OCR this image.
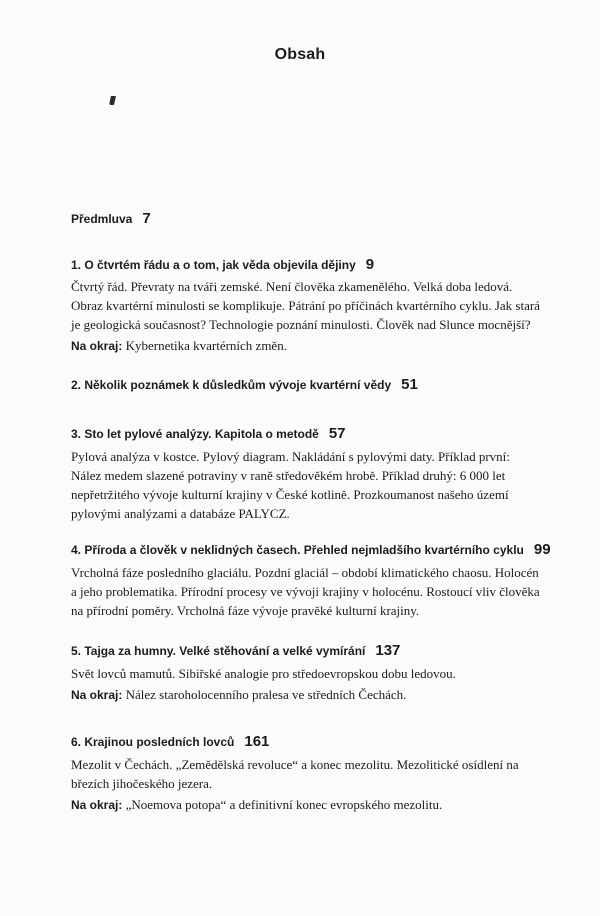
Obsah
Předmluva 7
1. O čtvrtém řádu a o tom, jak věda objevila dějiny 9

Čtvrtý řád. Převraty na tváři zemské. Není člověka zkamenělého. Velká doba ledová. Obraz kvartérní minulosti se komplikuje. Pátrání po příčinách kvartérního cyklu. Jak stará je geologická současnost? Technologie poznání minulosti. Člověk nad Slunce mocnější?

Na okraj: Kybernetika kvartérních změn.

2. Několik poznámek k důsledkům vývoje kvartérní vědy 51
3. Sto let pylové analýzy. Kapitola o metodě 57

Pylová analýza v kostce. Pylový diagram. Nakládání s pylovými daty. Příklad první: Nález medem slazené potraviny v raně středověkém hrobě. Příklad druhý: 6 000 let nepřetržitého vývoje kulturní krajiny v České kotlině. Prozkoumanost našeho území pylovými analýzami a databáze PALYCZ.

4. Příroda a člověk v neklidných časech. Přehled nejmladšího kvartérního cyklu 99

Vrcholná fáze posledního glaciálu. Pozdní glaciál – období klimatického chaosu. Holocén a jeho problematika. Přírodní procesy ve vývoji krajiny v holocénu. Rostoucí vliv člověka na přírodní poměry. Vrcholná fáze vývoje pravěké kulturní krajiny.

5. Tajga za humny. Velké stěhování a velké vymírání 137

Svět lovců mamutů. Sibiřské analogie pro středoevropskou dobu ledovou.

Na okraj: Nález staroholocenního pralesa ve středních Čechách.

6. Krajinou posledních lovců 161

Mezolit v Čechách. „Zemědělská revoluce“ a konec mezolitu. Mezolitické osídlení na březích jihočeského jezera.

Na okraj: „Noemova potopa“ a definitivní konec evropského mezolitu.
